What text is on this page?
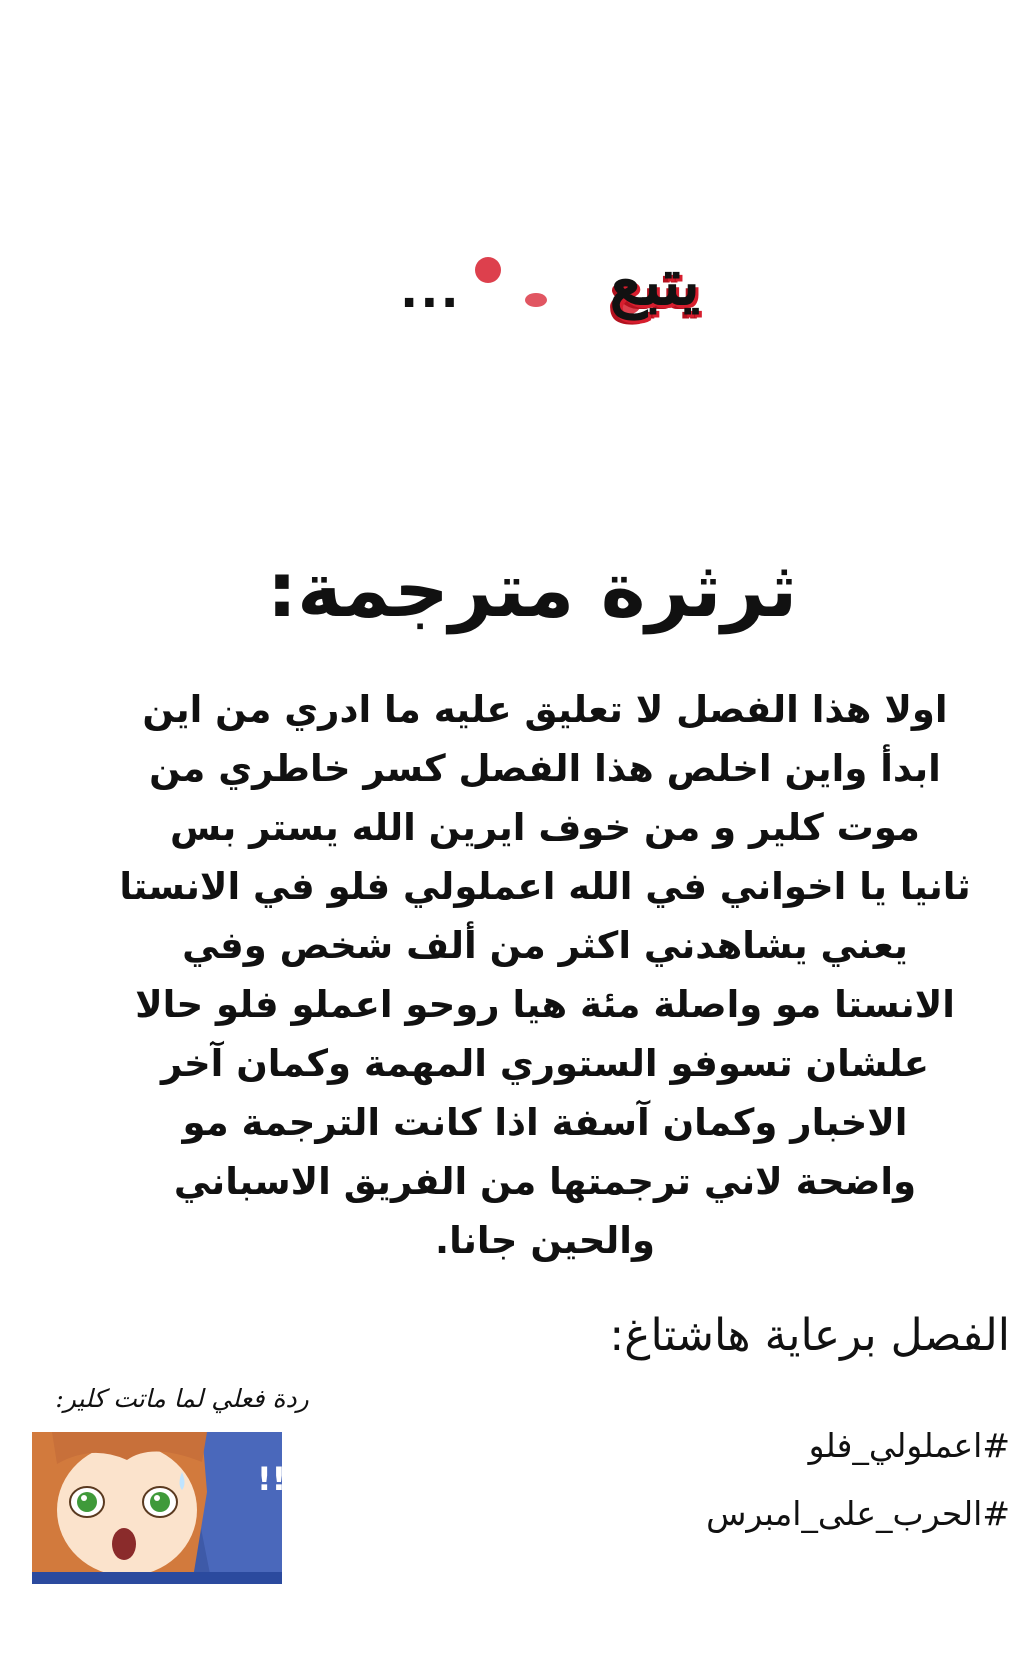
يتبع
...
ثرثرة مترجمة:
اولا هذا الفصل لا تعليق عليه ما ادري من اين
ابدأ واين اخلص هذا الفصل كسر خاطري من
موت كلير و من خوف ايرين الله يستر بس
ثانيا يا اخواني في الله اعملولي فلو في الانستا
يعني يشاهدني اكثر من ألف شخص وفي
الانستا مو واصلة مئة هيا روحو اعملو فلو حالا
علشان تسوفو الستوري المهمة وكمان آخر
الاخبار وكمان آسفة اذا كانت الترجمة مو
واضحة لاني ترجمتها من الفريق الاسباني
والحين جانا.
الفصل برعاية هاشتاغ:
#اعملولي_فلو
#الحرب_على_امبرس
ردة فعلي لما ماتت كلير:
?!!
